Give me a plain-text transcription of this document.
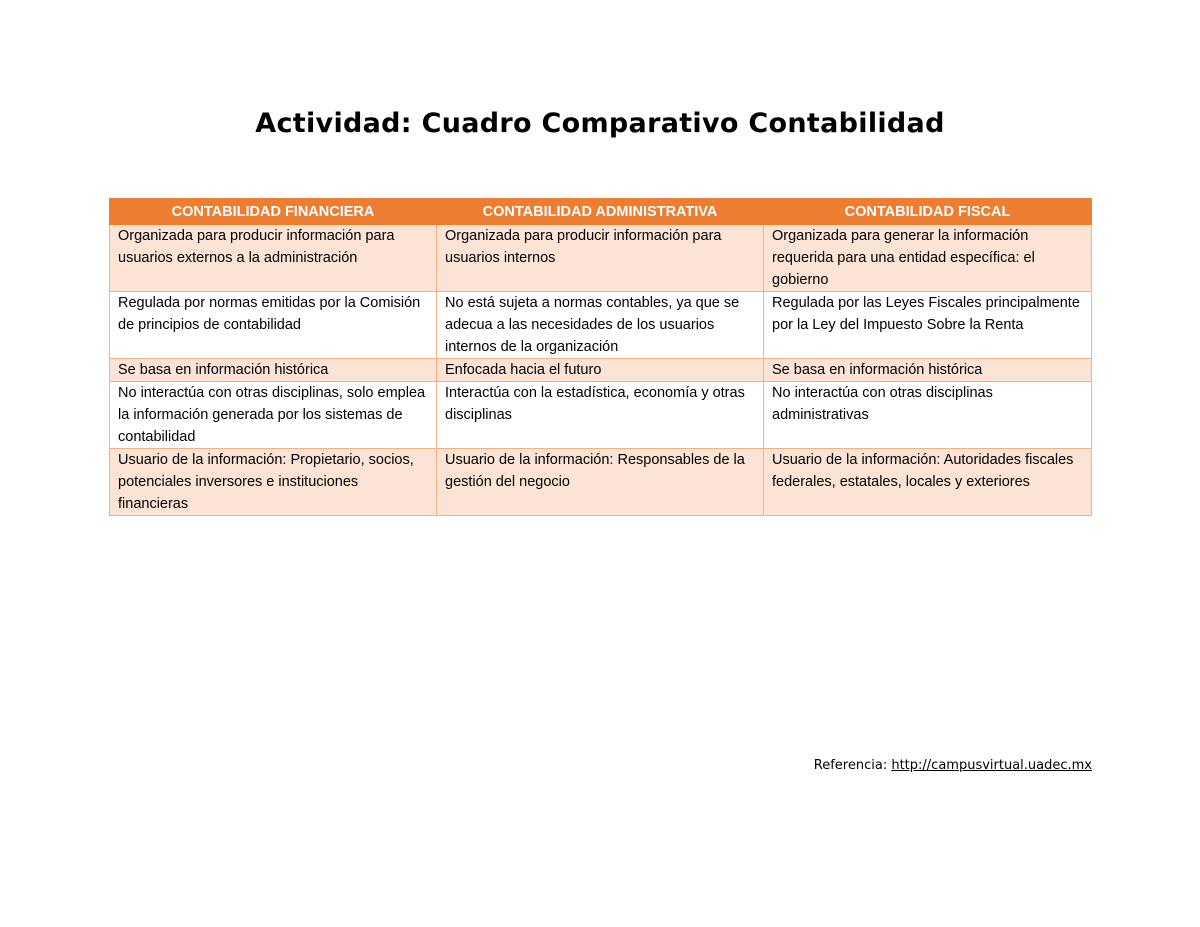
Actividad: Cuadro Comparativo Contabilidad
CONTABILIDAD FINANCIERA	CONTABILIDAD ADMINISTRATIVA	CONTABILIDAD FISCAL
Organizada para producir información para usuarios externos a la administración	Organizada para producir información para usuarios internos	Organizada para generar la información requerida para una entidad específica: el gobierno
Regulada por normas emitidas por la Comisión de principios de contabilidad	No está sujeta a normas contables, ya que se adecua a las necesidades de los usuarios internos de la organización	Regulada por las Leyes Fiscales principalmente por la Ley del Impuesto Sobre la Renta
Se basa en información histórica	Enfocada hacia el futuro	Se basa en información histórica
No interactúa con otras disciplinas, solo emplea la información generada por los sistemas de contabilidad	Interactúa con la estadística, economía y otras disciplinas	No interactúa con otras disciplinas administrativas
Usuario de la información: Propietario, socios, potenciales inversores e instituciones financieras	Usuario de la información: Responsables de la gestión del negocio	Usuario de la información: Autoridades fiscales federales, estatales, locales y exteriores
Referencia: http://campusvirtual.uadec.mx
